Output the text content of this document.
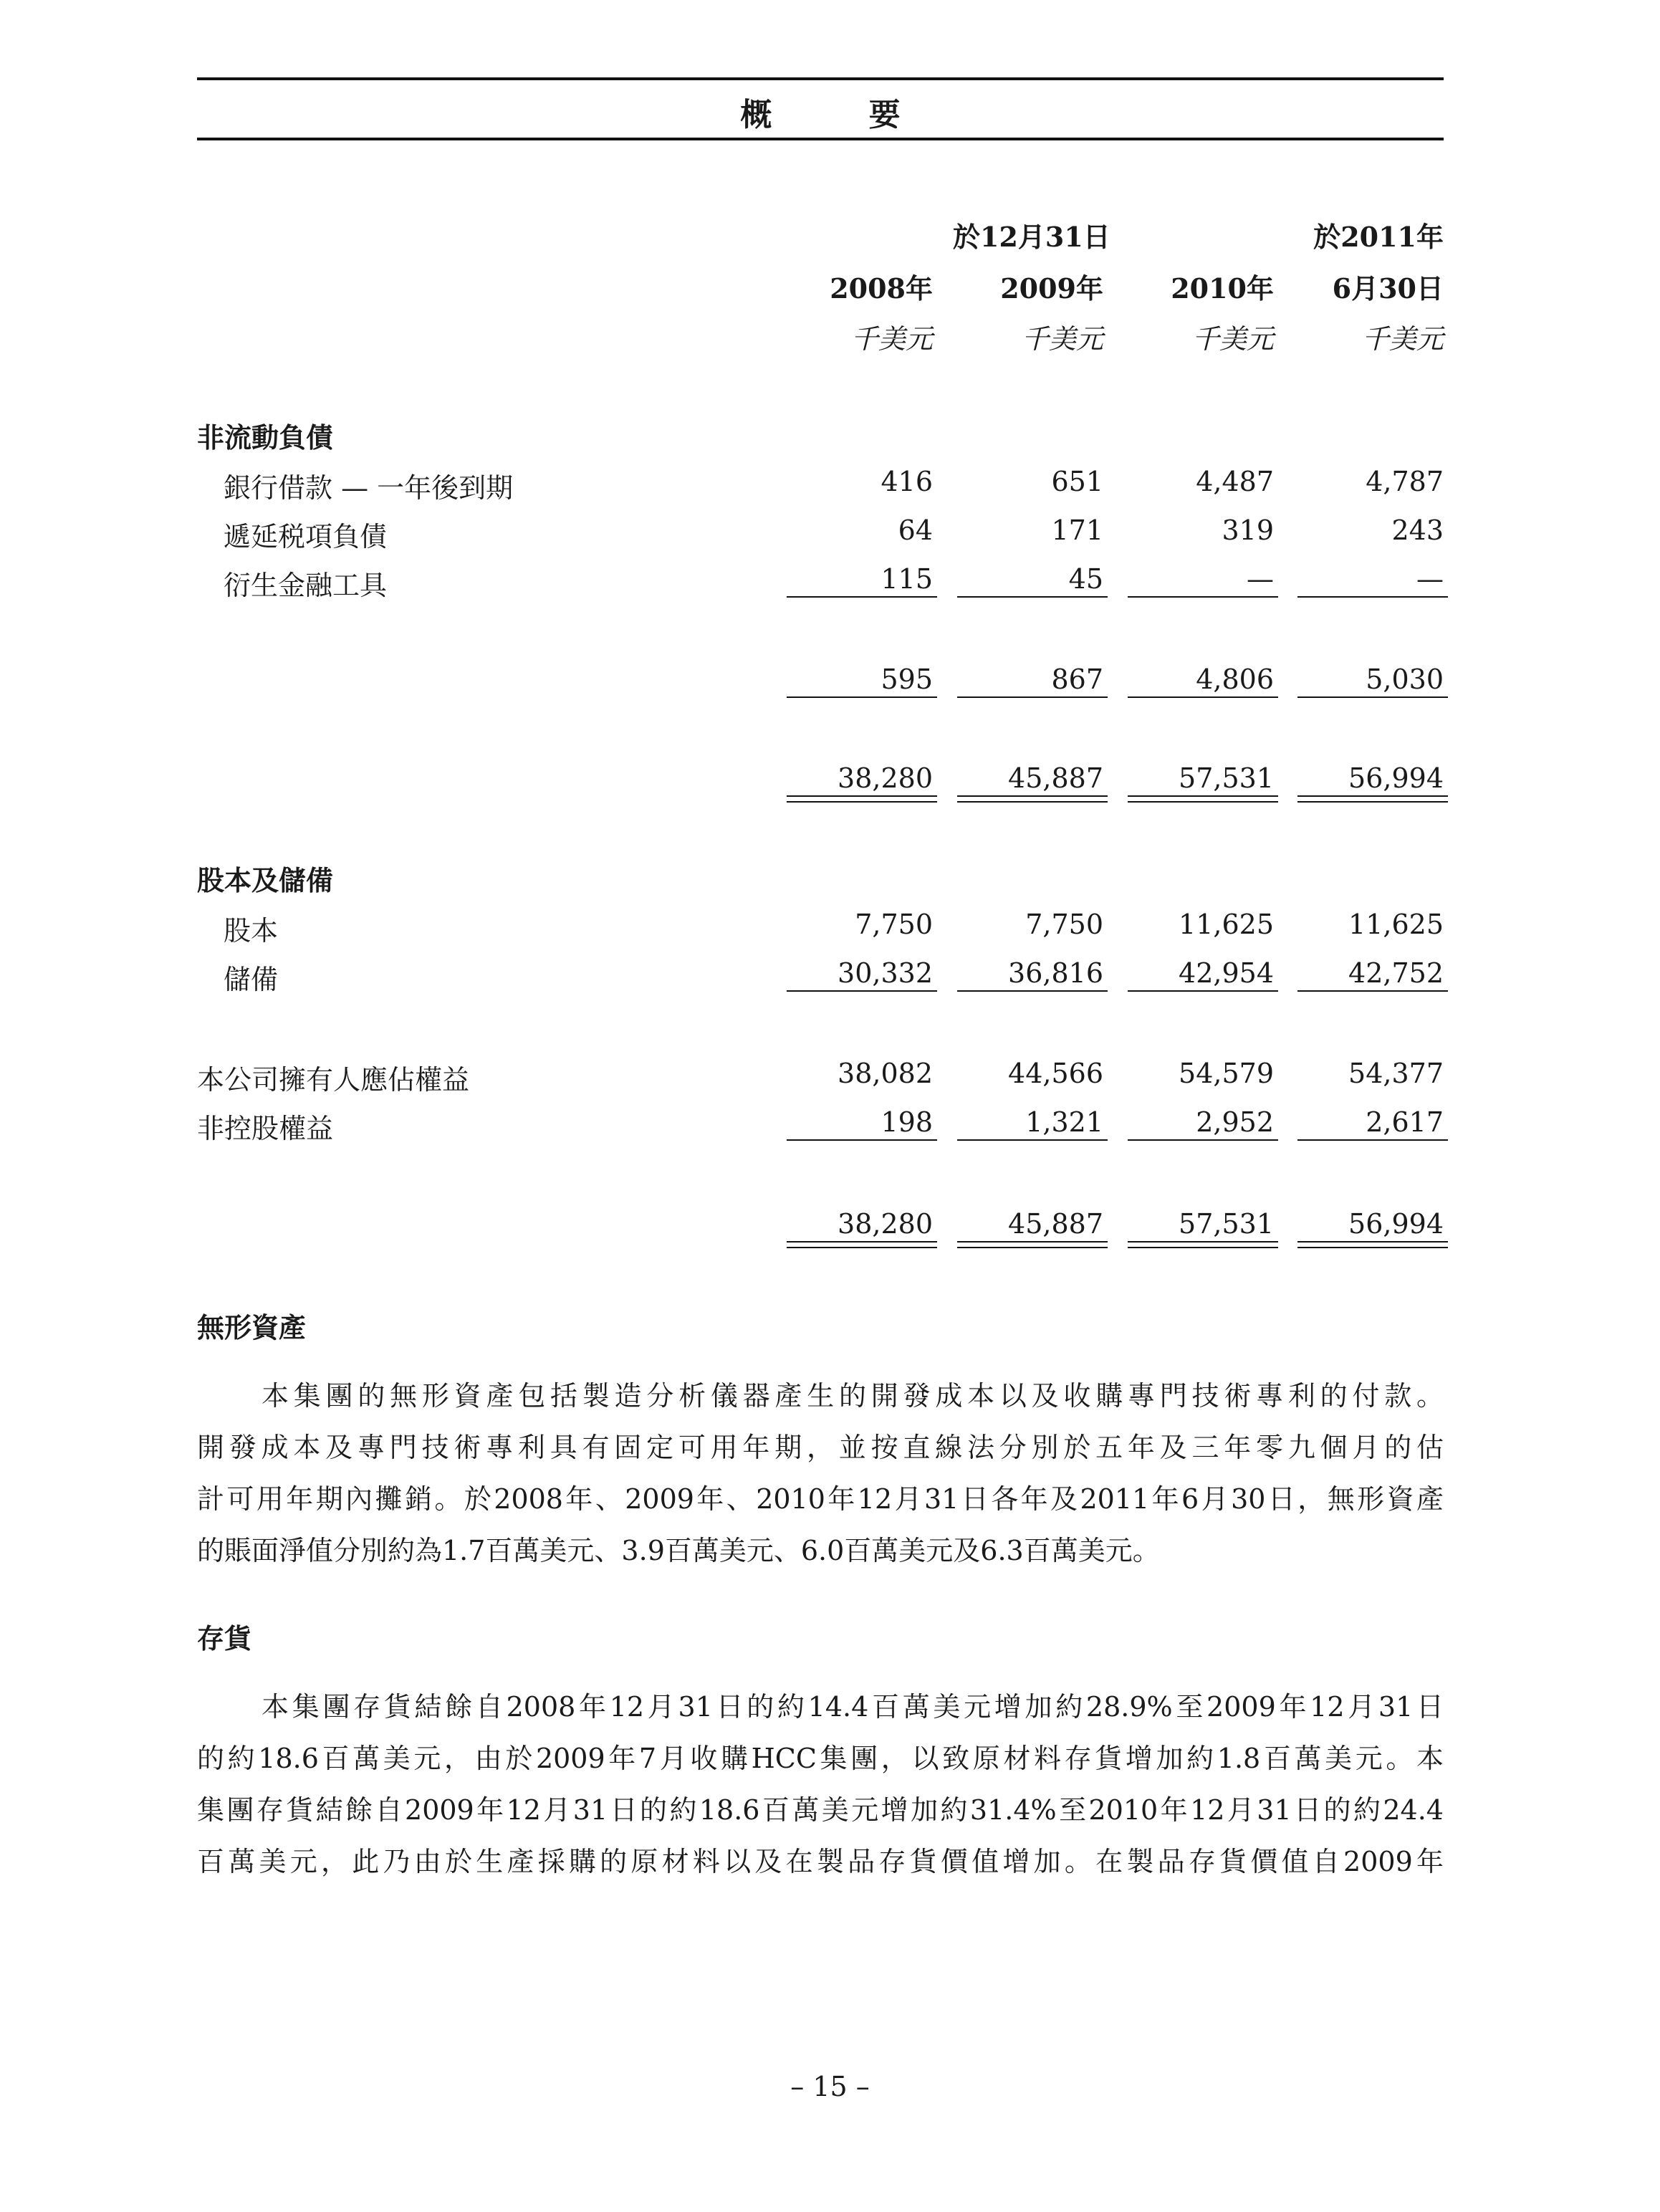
概 要
於12月31日	於2011年
2008年	2009年	2010年	6月30日
千美元	千美元	千美元	千美元
非流動負債
銀行借款 — 一年後到期	416	651	4,487	4,787
遞延税項負債	64	171	319	243
衍生金融工具	115	45	—	—
595	867	4,806	5,030
38,280	45,887	57,531	56,994
股本及儲備
股本	7,750	7,750	11,625	11,625
儲備	30,332	36,816	42,954	42,752
本公司擁有人應佔權益	38,082	44,566	54,579	54,377
非控股權益	198	1,321	2,952	2,617
38,280	45,887	57,531	56,994
無形資產
本集團的無形資產包括製造分析儀器產生的開發成本以及收購專門技術專利的付款。
開發成本及專門技術專利具有固定可用年期，並按直線法分別於五年及三年零九個月的估
計可用年期內攤銷。於2008年、2009年、2010年12月31日各年及2011年6月30日，無形資產
的賬面淨值分別約為1.7百萬美元、3.9百萬美元、6.0百萬美元及6.3百萬美元。
存貨
本集團存貨結餘自2008年12月31日的約14.4百萬美元增加約28.9%至2009年12月31日
的約18.6百萬美元，由於2009年7月收購HCC集團，以致原材料存貨增加約1.8百萬美元。本
集團存貨結餘自2009年12月31日的約18.6百萬美元增加約31.4%至2010年12月31日的約24.4
百萬美元，此乃由於生產採購的原材料以及在製品存貨價值增加。在製品存貨價值自2009年
– 15 –
